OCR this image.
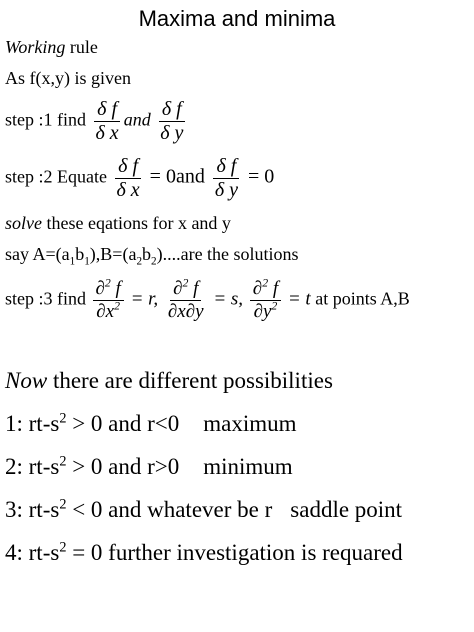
Maxima and minima
Working rule
As f(x,y) is given
step :1 find $\frac{\text{δ f}}{\text{δ x}}$ and $\frac{\text{δ f}}{\text{δ y}}$
step :2 Equate $\frac{\text{δ f}}{\text{δ x}} = 0and \frac{\text{δ f}}{\text{δ y}} = 0$
solve these eqations for x and y
say $A=(a_1b_1),B=(a_2b_2)....are$ the solutions
step :3 find $\frac{\partial^2 f}{\partial x^2} = r$, $\frac{\partial^2 f}{\partial x\partial y} = s$, $\frac{\partial^2 f}{\partial y^2} = t$ at points A,B
Now there are different possibilities
1: $rt-s^2 > 0$ and r<0 maximum
2: $rt-s^2 > 0$ and r>0 minimum
3: $rt-s^2 < 0$ and whatever be r saddle point
4: $rt-s^2 = 0$ further investigation is requared
